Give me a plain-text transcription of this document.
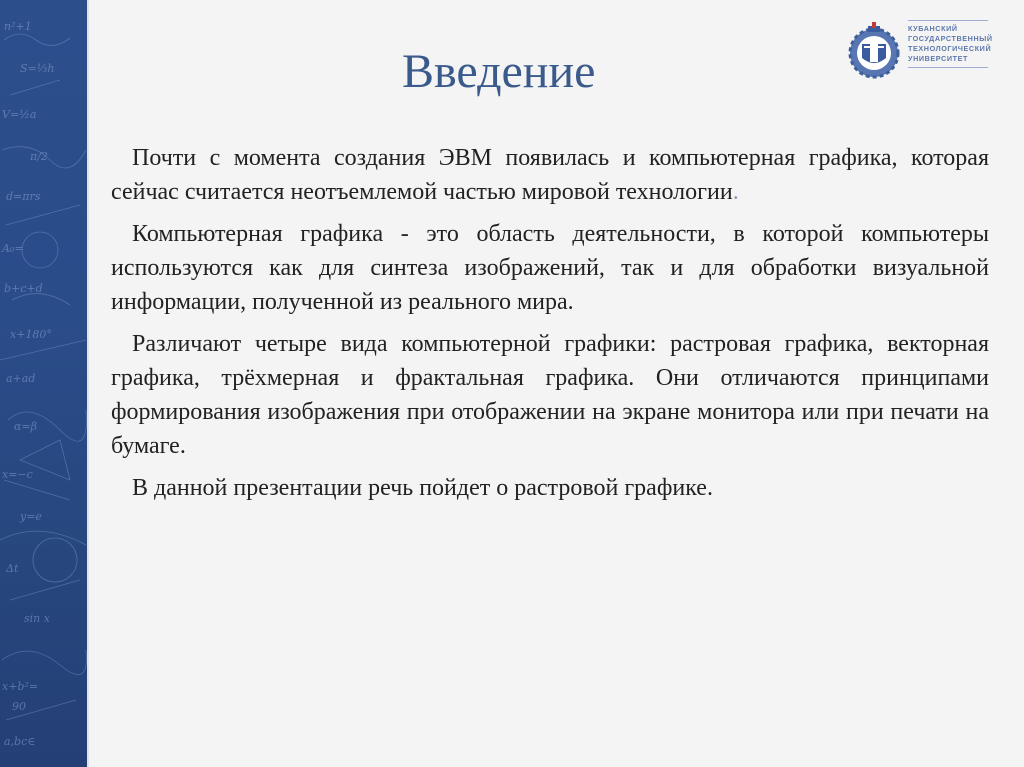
n²+1
S=⅓h
V=½a
π/2
d=πrs
A₀=
b+c+d
x+180°
a+ad
α=β
x=−c
y=e
Δt
sin x
x+b²=
90
a,bc∈
КУБАНСКИЙ
ГОСУДАРСТВЕННЫЙ
ТЕХНОЛОГИЧЕСКИЙ
УНИВЕРСИТЕТ
Введение

Почти с момента создания ЭВМ появилась и компьютерная графика, которая сейчас считается неотъемлемой частью мировой технологии.

Компьютерная графика - это область деятельности, в которой компьютеры используются как для синтеза изображений, так и для обработки визуальной информации, полученной из реального мира.

Различают четыре вида компьютерной графики: растровая графика, векторная графика, трёхмерная и фрактальная графика. Они отличаются принципами формирования изображения при отображении на экране монитора или при печати на бумаге.

В данной презентации речь пойдет о растровой графике.
